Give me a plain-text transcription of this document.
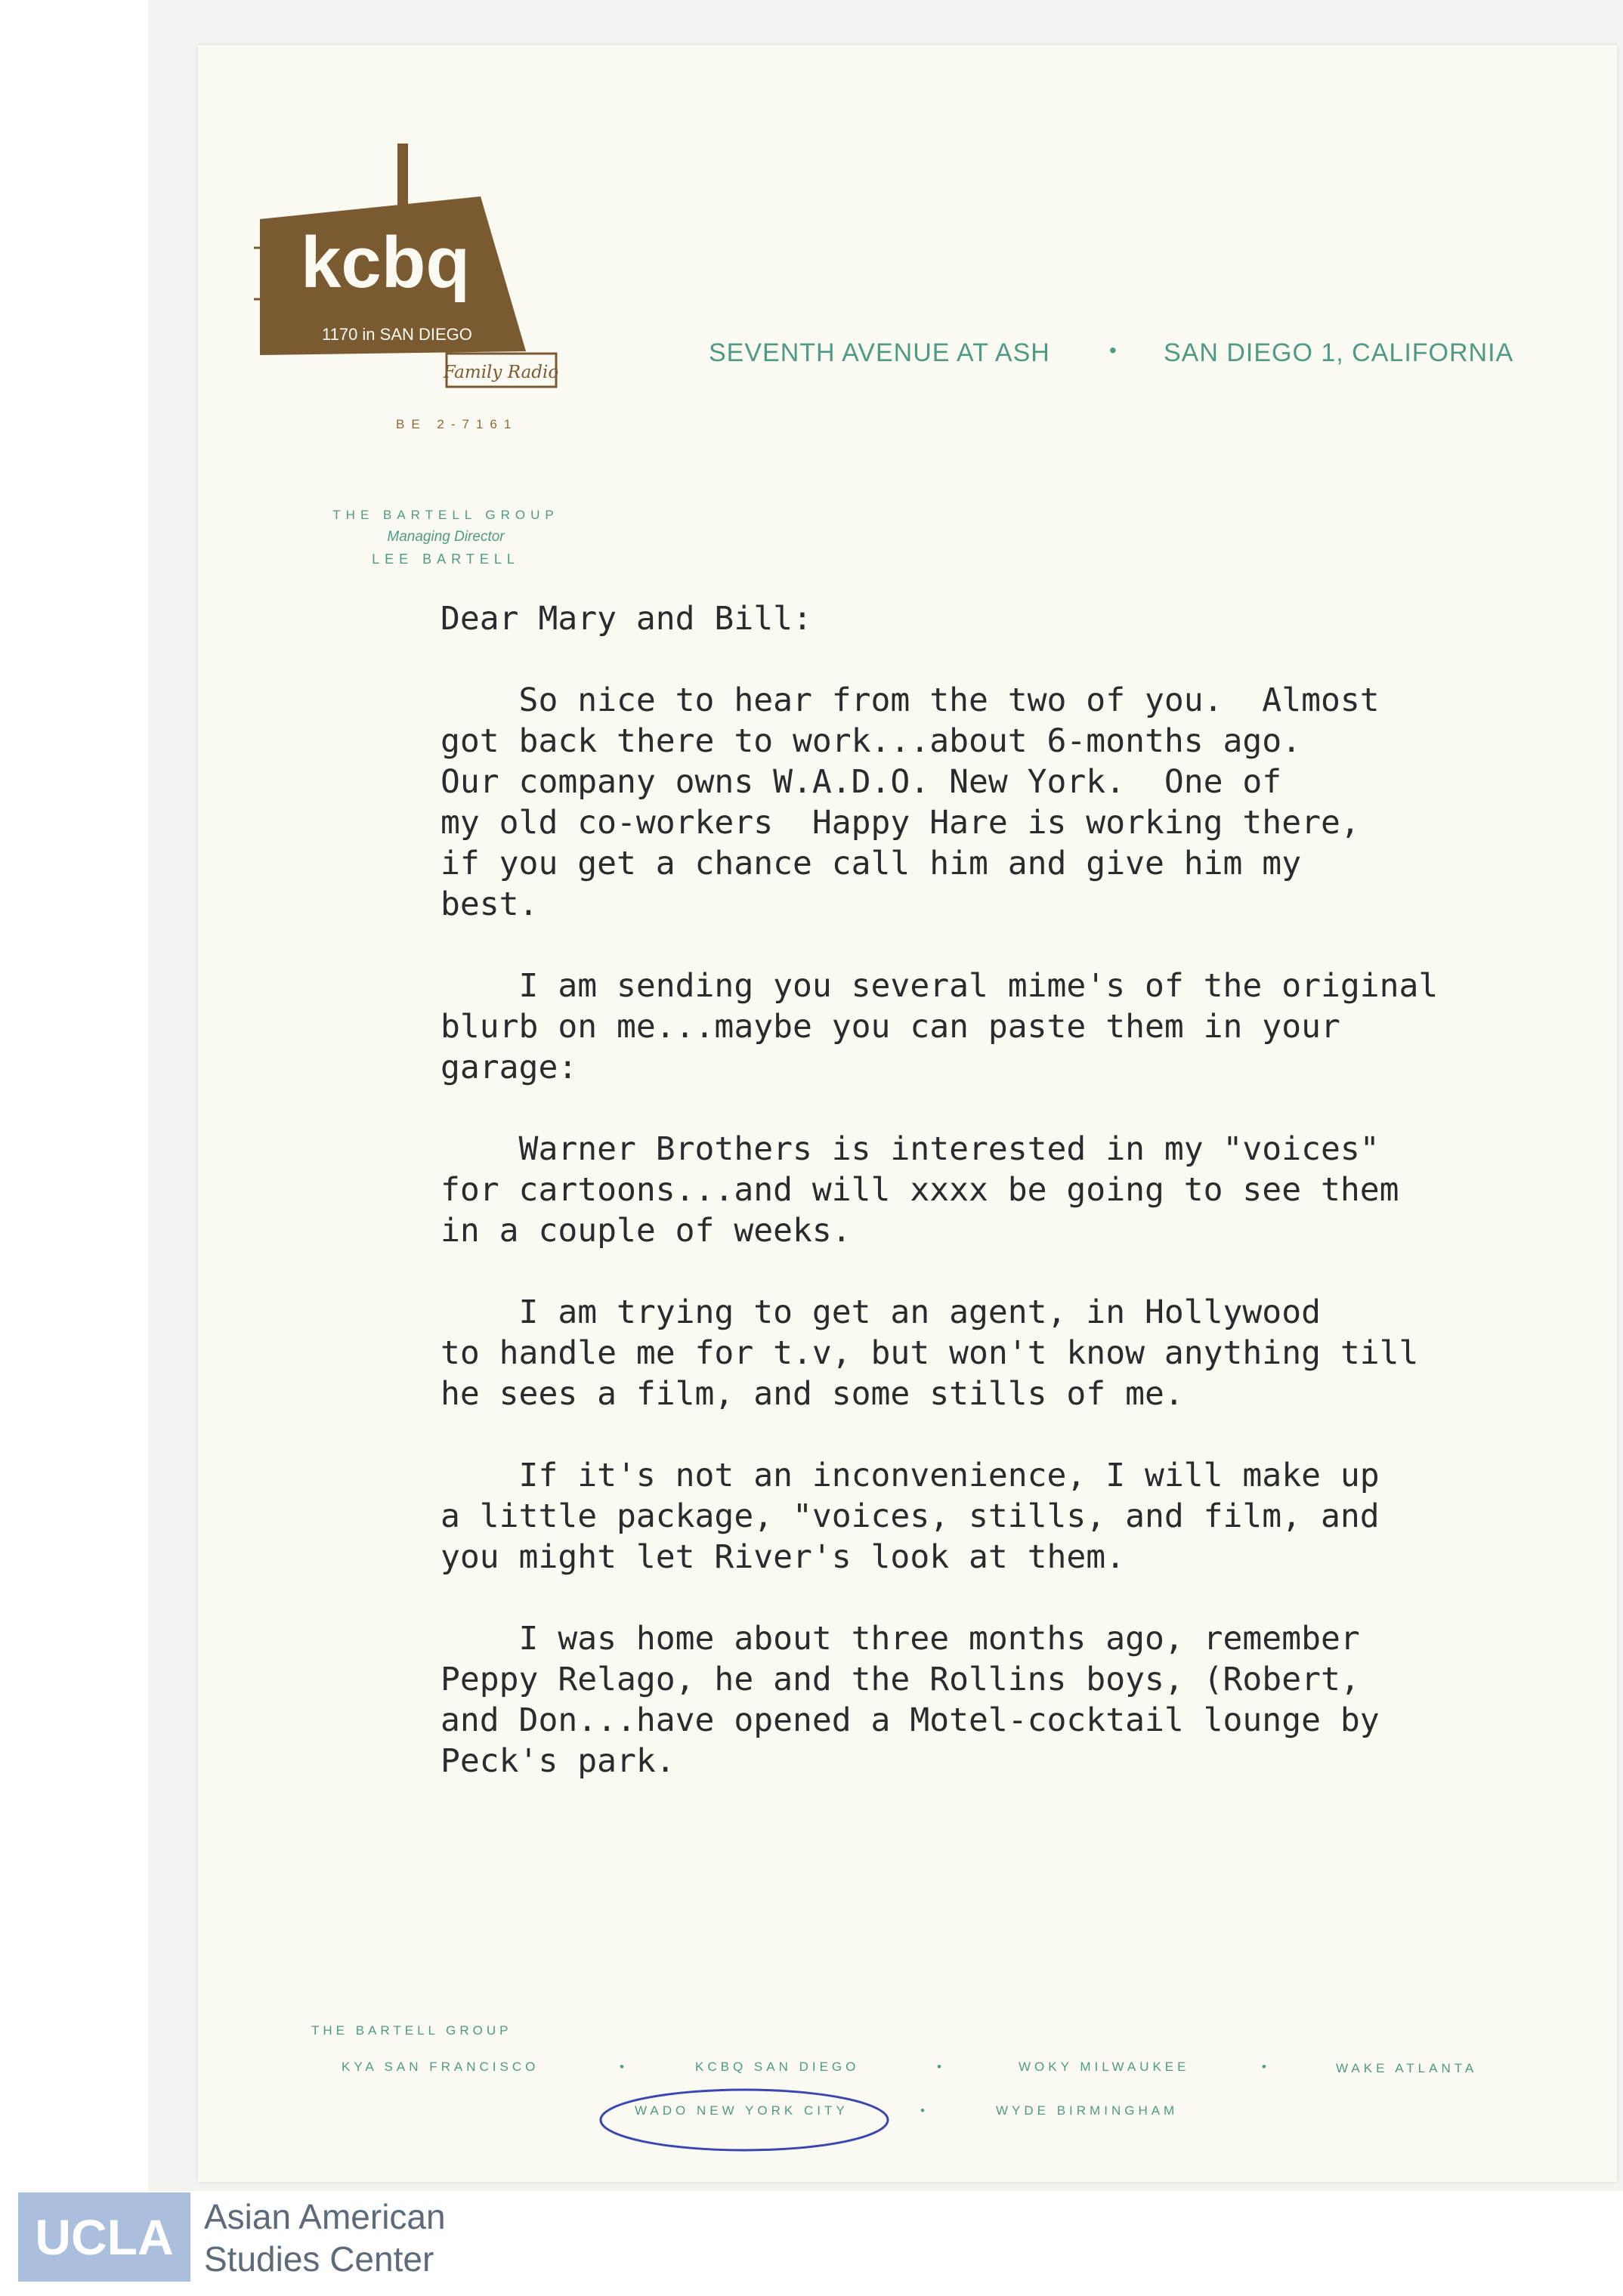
kcbq
1170 in SAN DIEGO
Family Radio
BE 2-7161
SEVENTH AVENUE AT ASH	• SAN DIEGO 1, CALIFORNIA
THE BARTELL GROUP
Managing Director
LEE BARTELL

Dear Mary and Bill:

So nice to hear from the two of you.  Almost

got back there to work...about 6-months ago.

Our company owns W.A.D.O. New York.  One of

my old co-workers  Happy Hare is working there,

if you get a chance call him and give him my

best.

I am sending you several mime's of the original

blurb on me...maybe you can paste them in your

garage:

Warner Brothers is interested in my "voices"

for cartoons...and will xxxx be going to see them

in a couple of weeks.

I am trying to get an agent, in Hollywood

to handle me for t.v, but won't know anything till

he sees a film, and some stills of me.

If it's not an inconvenience, I will make up

a little package, "voices, stills, and film, and

you might let River's look at them.

I was home about three months ago, remember

Peppy Relago, he and the Rollins boys, (Robert,

and Don...have opened a Motel-cocktail lounge by

Peck's park.

THE BARTELL GROUP
KYA SAN FRANCISCO	•	KCBQ SAN DIEGO	•	WOKY MILWAUKEE	•	WAKE ATLANTA
WADO NEW YORK CITY	•	WYDE BIRMINGHAM
UCLA Asian American
Studies Center
